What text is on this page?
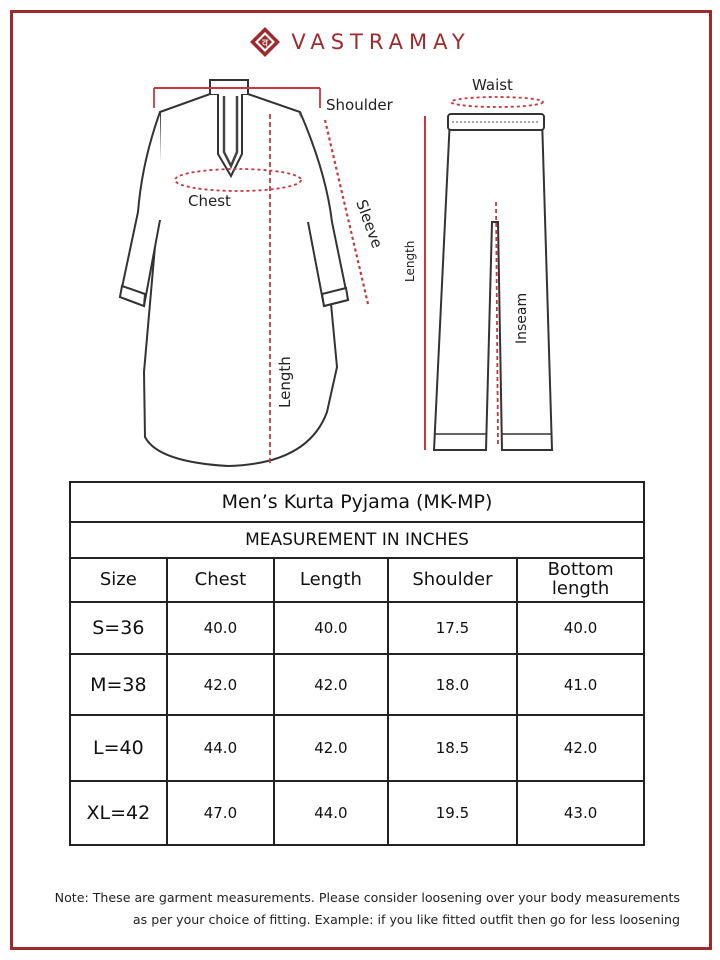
व VASTRAMAY
Shoulder
Chest	Sleeve
Length
Waist
Length
Inseam
Men’s Kurta Pyjama (MK-MP)				
MEASUREMENT IN INCHES				
Size	Chest	Length	Shoulder	Bottom length
S=36	40.0	40.0	17.5	40.0
M=38	42.0	42.0	18.0	41.0
L=40	44.0	42.0	18.5	42.0
XL=42	47.0	44.0	19.5	43.0
Note: These are garment measurements. Please consider loosening over your body measurements
as per your choice of fitting. Example: if you like fitted outfit then go for less loosening
